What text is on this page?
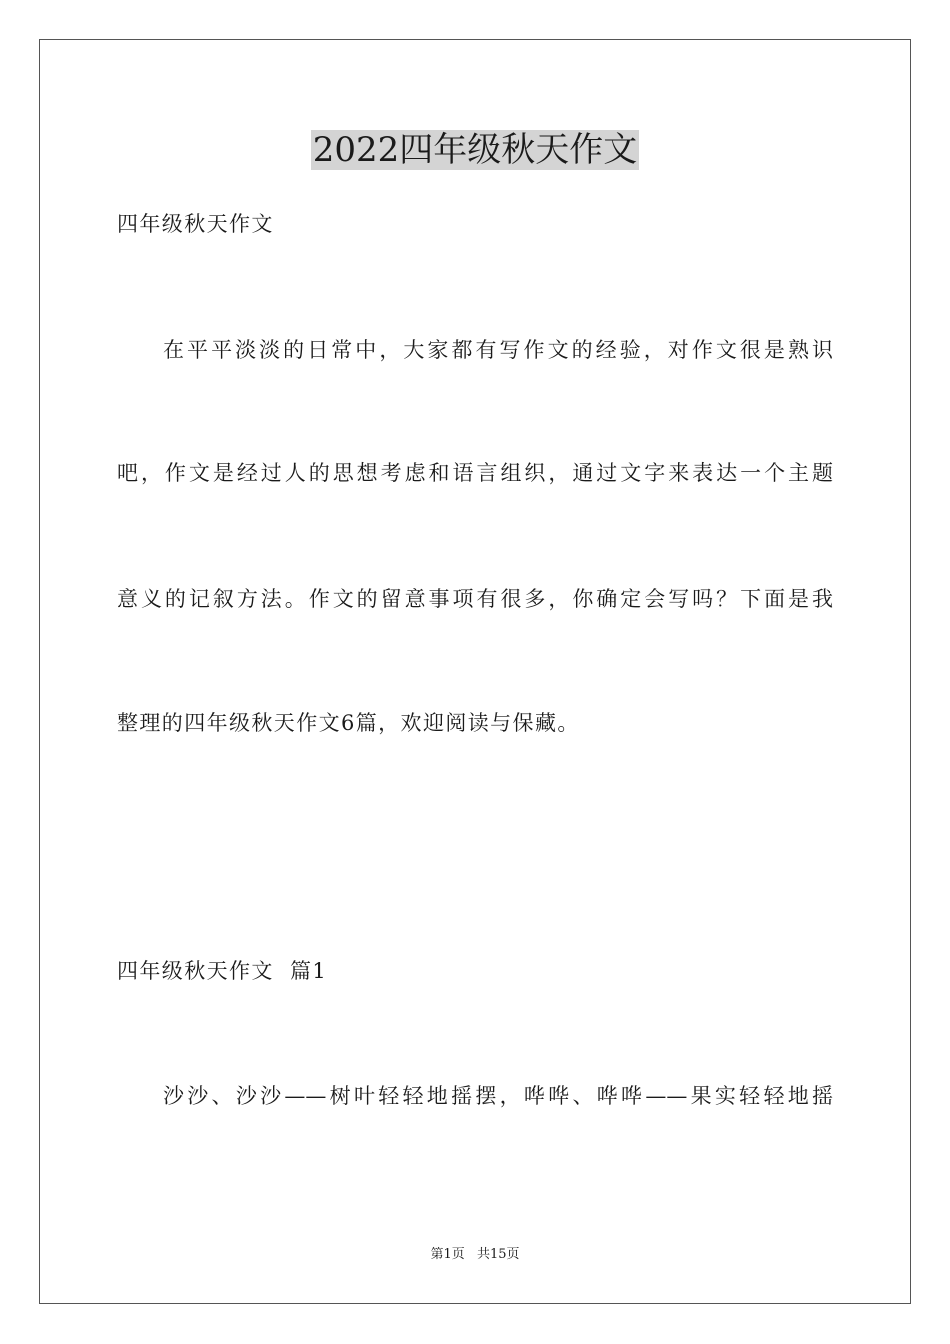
2022四年级秋天作文
四年级秋天作文
在平平淡淡的日常中，大家都有写作文的经验，对作文很是熟识
吧，作文是经过人的思想考虑和语言组织，通过文字来表达一个主题
意义的记叙方法。作文的留意事项有很多，你确定会写吗？下面是我
整理的四年级秋天作文6篇，欢迎阅读与保藏。
四年级秋天作文  篇1
沙沙、沙沙——树叶轻轻地摇摆，哗哗、哗哗——果实轻轻地摇
第1页 共15页
